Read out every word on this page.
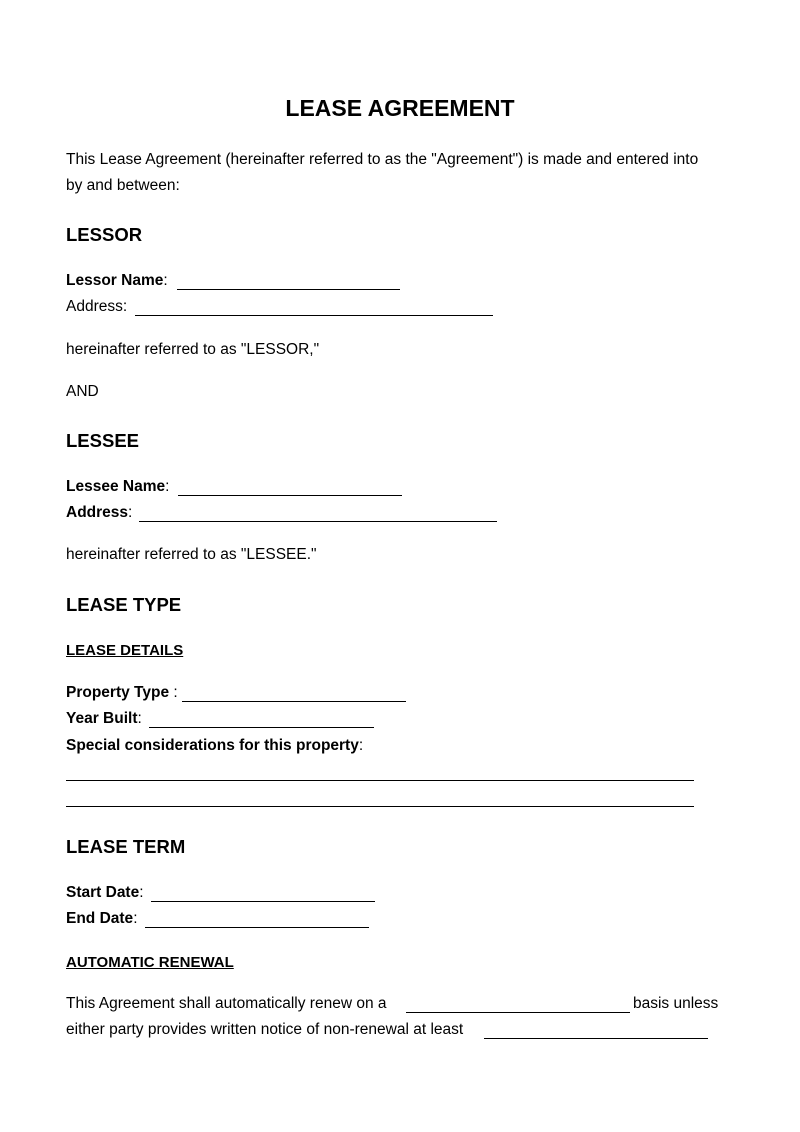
LEASE AGREEMENT
This Lease Agreement (hereinafter referred to as the "Agreement") is made and entered into
by and between:
LESSOR
Lessor Name:
Address:
hereinafter referred to as "LESSOR,"
AND
LESSEE
Lessee Name:
Address:
hereinafter referred to as "LESSEE."
LEASE TYPE
LEASE DETAILS
Property Type :
Year Built:
Special considerations for this property:
LEASE TERM
Start Date:
End Date:
AUTOMATIC RENEWAL
This Agreement shall automatically renew on a	basis unless
either party provides written notice of non-renewal at least
